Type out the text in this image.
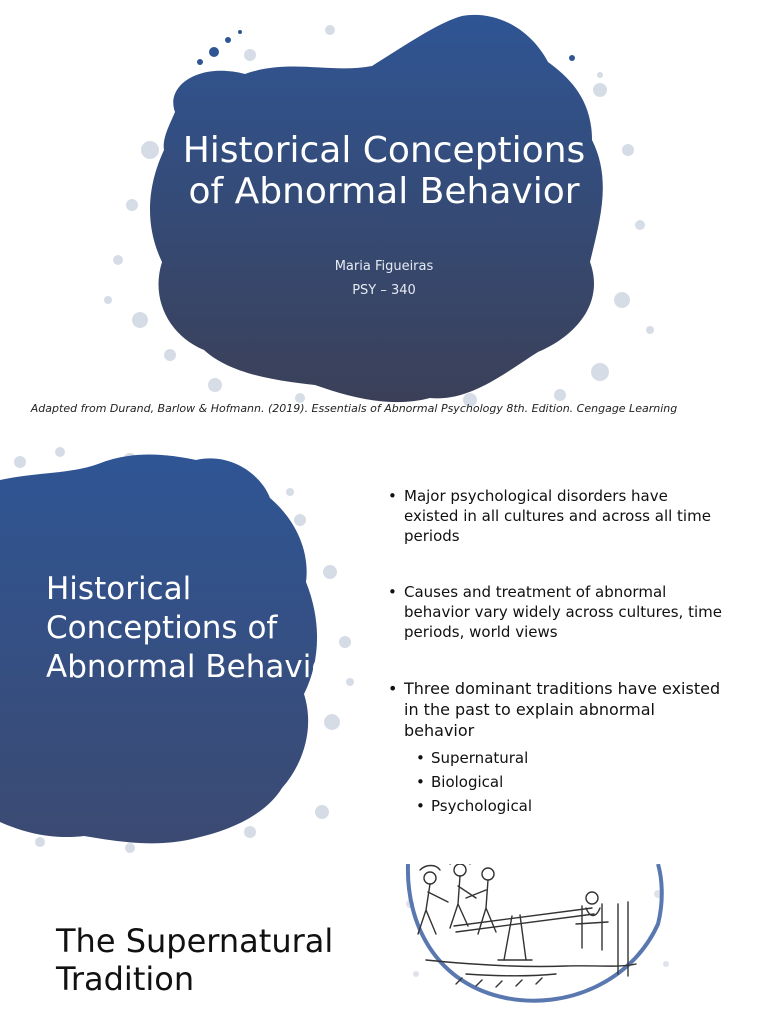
Historical Conceptions of Abnormal Behavior
Maria Figueiras
PSY – 340
Adapted from Durand, Barlow & Hofmann. (2019). Essentials of Abnormal Psychology 8th. Edition. Cengage Learning
Historical Conceptions of Abnormal Behavior
• Major psychological disorders have existed in all cultures and across all time periods
• Causes and treatment of abnormal behavior vary widely across cultures, time periods, world views
• Three dominant traditions have existed in the past to explain abnormal behavior
• Supernatural
• Biological
• Psychological
The Supernatural Tradition
